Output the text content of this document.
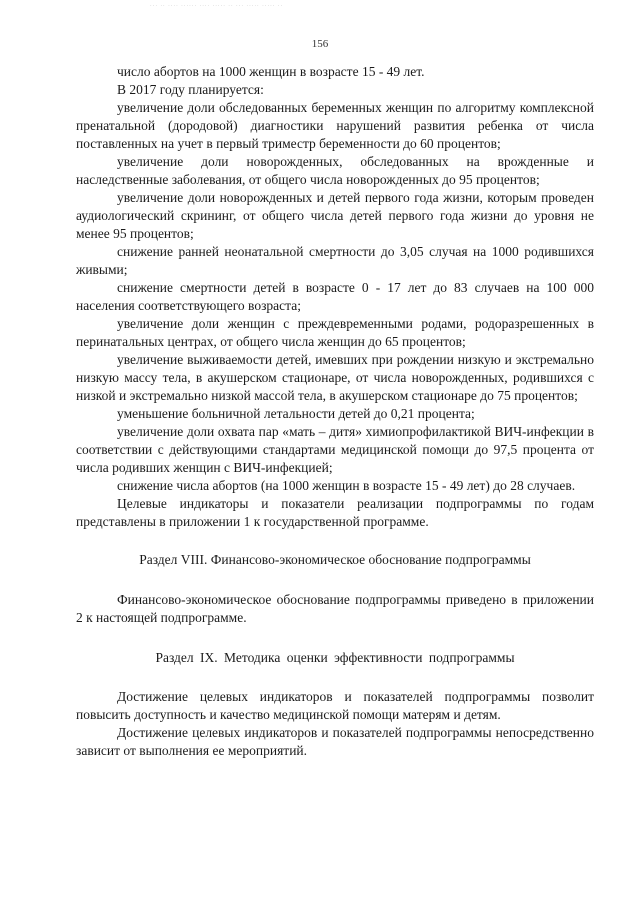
··· ·· ···· ······ ···· ····· ·· ··· ····· ····· ··
156

число абортов на 1000 женщин в возрасте 15 - 49 лет.

В 2017 году планируется:

увеличение доли обследованных беременных женщин по алгоритму комплексной пренатальной (дородовой) диагностики нарушений развития ребенка от числа поставленных на учет в первый триместр беременности до 60 процентов;

увеличение доли новорожденных, обследованных на врожденные и наследственные заболевания, от общего числа новорожденных до 95 процентов;

увеличение доли новорожденных и детей первого года жизни, которым проведен аудиологический скрининг, от общего числа детей первого года жизни до уровня не менее 95 процентов;

снижение ранней неонатальной смертности до 3,05 случая на 1000 родившихся живыми;

снижение смертности детей в возрасте 0 - 17 лет до 83 случаев на 100 000 населения соответствующего возраста;

увеличение доли женщин с преждевременными родами, родоразрешенных в перинатальных центрах, от общего числа женщин до 65 процентов;

увеличение выживаемости детей, имевших при рождении низкую и экстремально низкую массу тела, в акушерском стационаре, от числа новорожденных, родившихся с низкой и экстремально низкой массой тела, в акушерском стационаре до 75 процентов;

уменьшение больничной летальности детей до 0,21 процента;

увеличение доли охвата пар «мать – дитя» химиопрофилактикой ВИЧ-инфекции в соответствии с действующими стандартами медицинской помощи до 97,5 процента от числа родивших женщин с ВИЧ-инфекцией;

снижение числа абортов (на 1000 женщин в возрасте 15 - 49 лет) до 28 случаев.

Целевые индикаторы и показатели реализации подпрограммы по годам представлены в приложении 1 к государственной программе.

Раздел VIII. Финансово-экономическое обоснование подпрограммы

Финансово-экономическое обоснование подпрограммы приведено в приложении 2 к настоящей подпрограмме.

Раздел IX. Методика оценки эффективности подпрограммы

Достижение целевых индикаторов и показателей подпрограммы позволит повысить доступность и качество медицинской помощи матерям и детям.

Достижение целевых индикаторов и показателей подпрограммы непосредственно зависит от выполнения ее мероприятий.
